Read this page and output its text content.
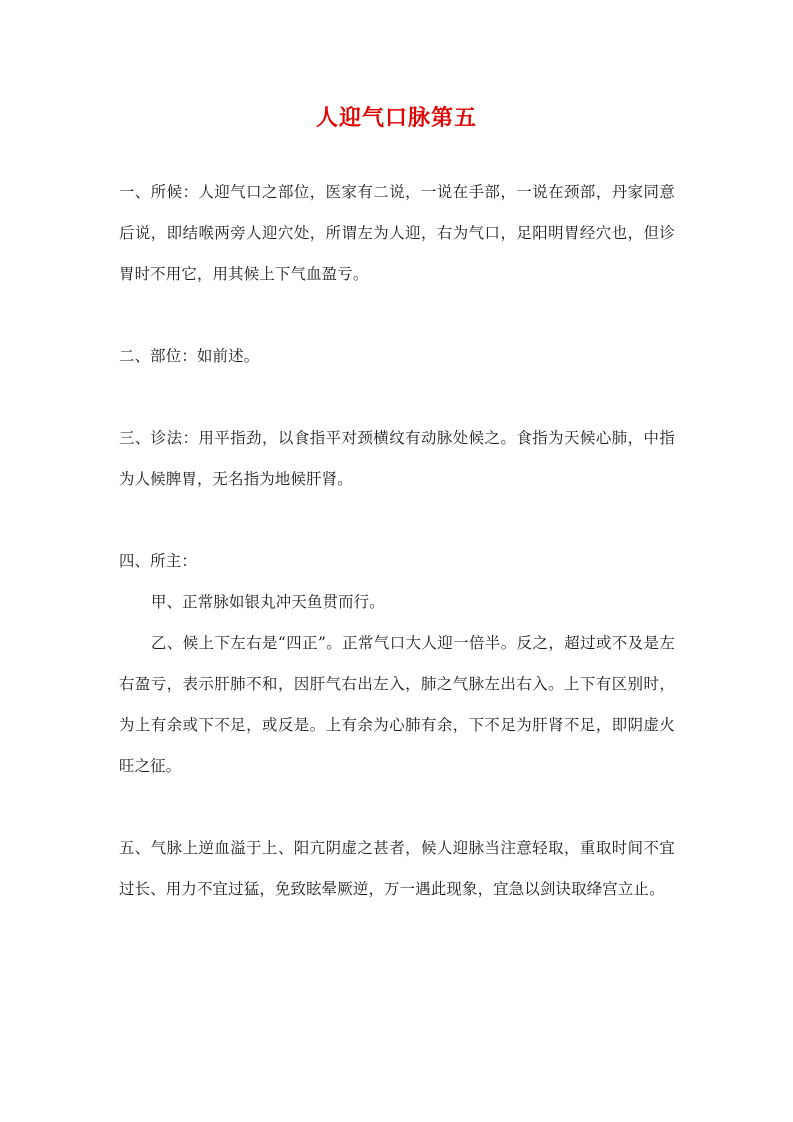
人迎气口脉第五

一、所候：人迎气口之部位，医家有二说，一说在手部，一说在颈部，丹家同意后说，即结喉两旁人迎穴处，所谓左为人迎，右为气口，足阳明胃经穴也，但诊胃时不用它，用其候上下气血盈亏。

二、部位：如前述。

三、诊法：用平指劲，以食指平对颈横纹有动脉处候之。食指为天候心肺，中指为人候脾胃，无名指为地候肝肾。

四、所主：

甲、正常脉如银丸冲天鱼贯而行。

乙、候上下左右是“四正”。正常气口大人迎一倍半。反之，超过或不及是左右盈亏，表示肝肺不和，因肝气右出左入，肺之气脉左出右入。上下有区别时，为上有余或下不足，或反是。上有余为心肺有余，下不足为肝肾不足，即阴虚火旺之征。

五、气脉上逆血溢于上、阳亢阴虚之甚者，候人迎脉当注意轻取，重取时间不宜过长、用力不宜过猛，免致眩晕厥逆，万一遇此现象，宜急以剑诀取绛宫立止。
